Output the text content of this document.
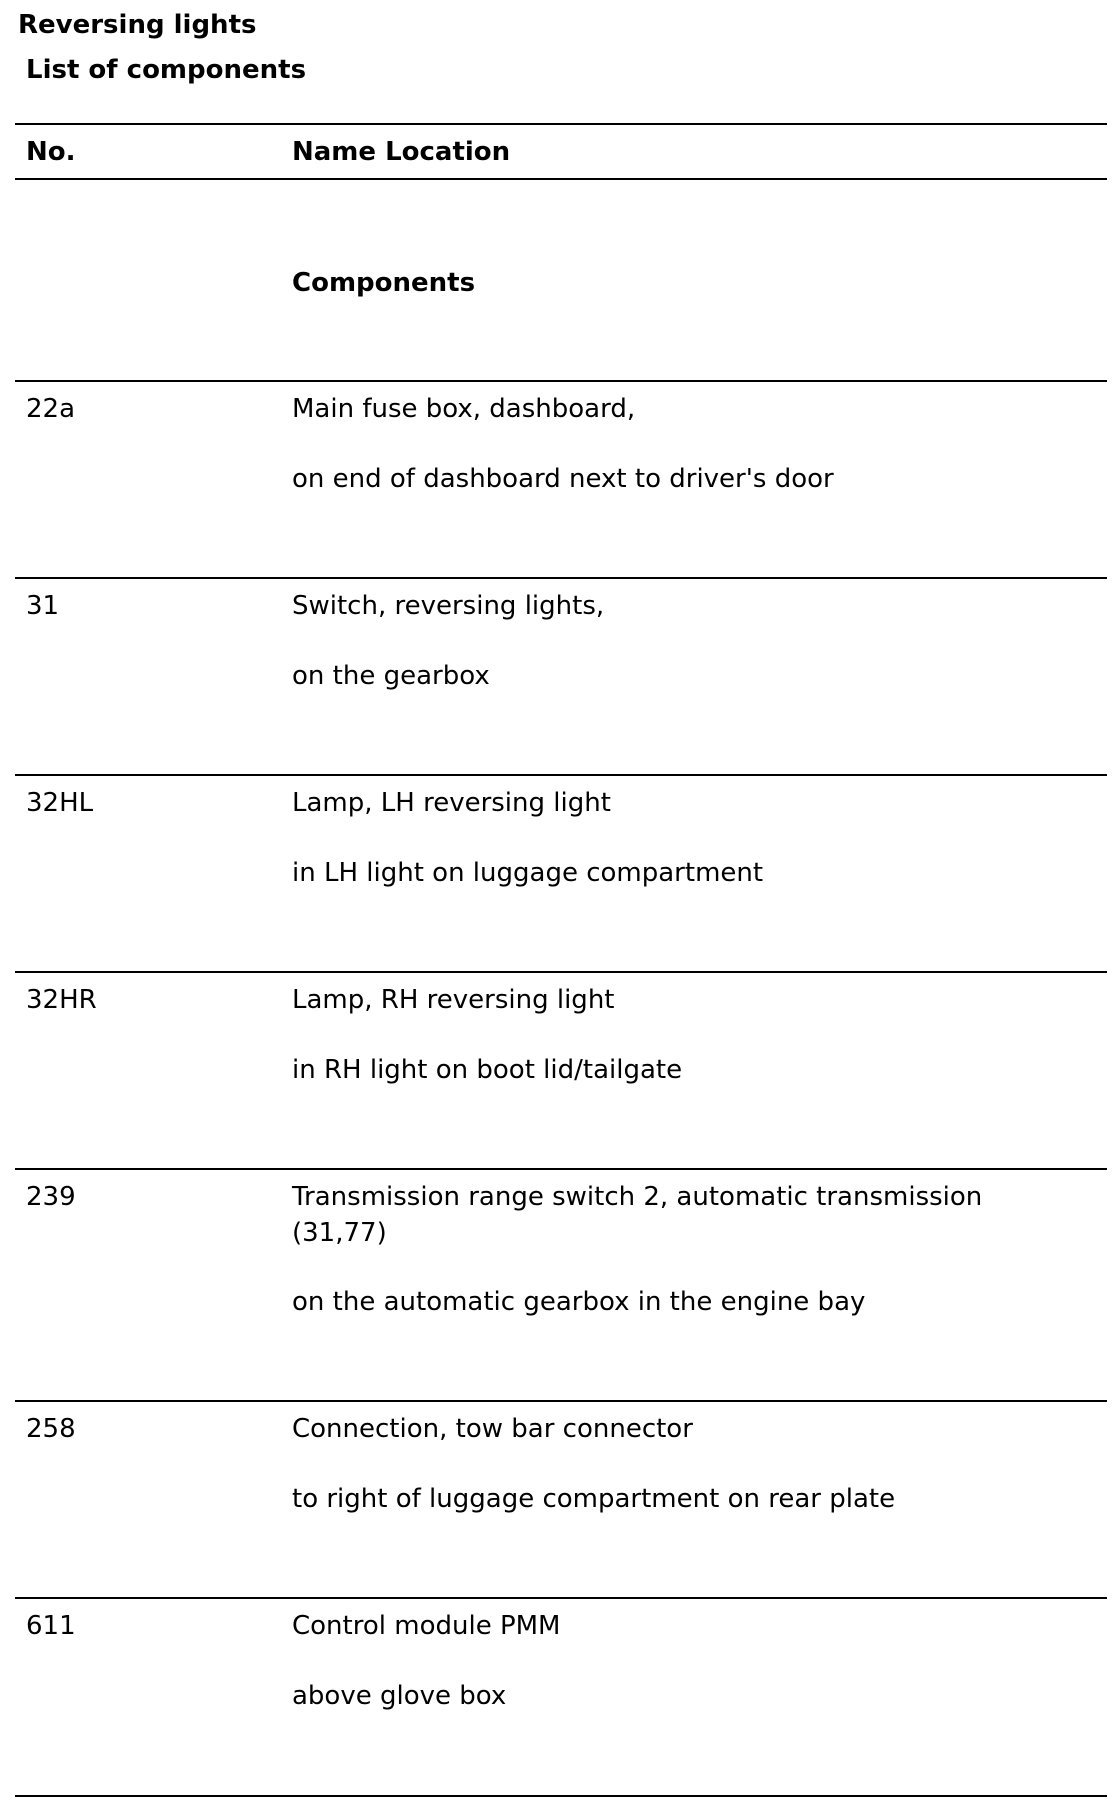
Reversing lights
List of components
No.	Name Location
Components
22a	Main fuse box, dashboard,
on end of dashboard next to driver's door
31	Switch, reversing lights,
on the gearbox
32HL	Lamp, LH reversing light
in LH light on luggage compartment
32HR	Lamp, RH reversing light
in RH light on boot lid/tailgate
239	Transmission range switch 2, automatic transmission (31,77)
on the automatic gearbox in the engine bay
258	Connection, tow bar connector
to right of luggage compartment on rear plate
611	Control module PMM
above glove box
